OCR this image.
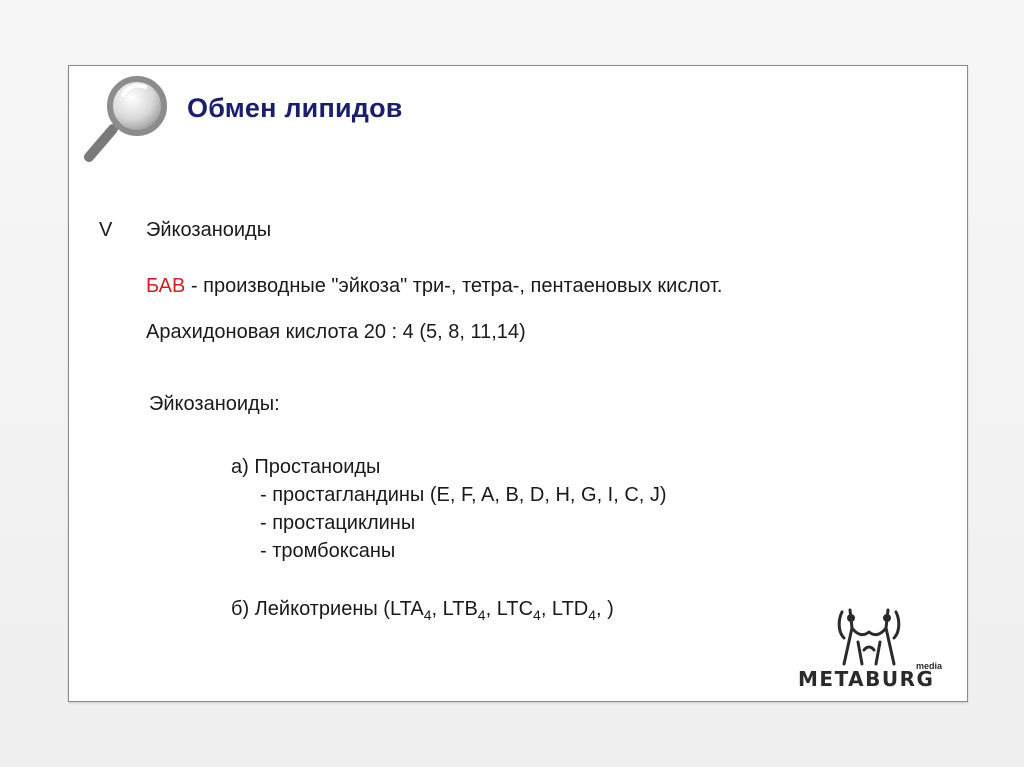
Обмен липидов
V Эйкозаноиды
БАВ - производные "эйкоза" три-, тетра-, пентаеновых кислот.
Арахидоновая кислота 20 : 4 (5, 8, 11,14)
Эйкозаноиды:
а) Простаноиды
- простагландины (E, F, A, B, D, H, G, I, C, J)
- простациклины
- тромбоксаны
б) Лейкотриены ($LTA_4$, $LTB_4$, $LTC_4$, $LTD_4$, )
media
METABURG
